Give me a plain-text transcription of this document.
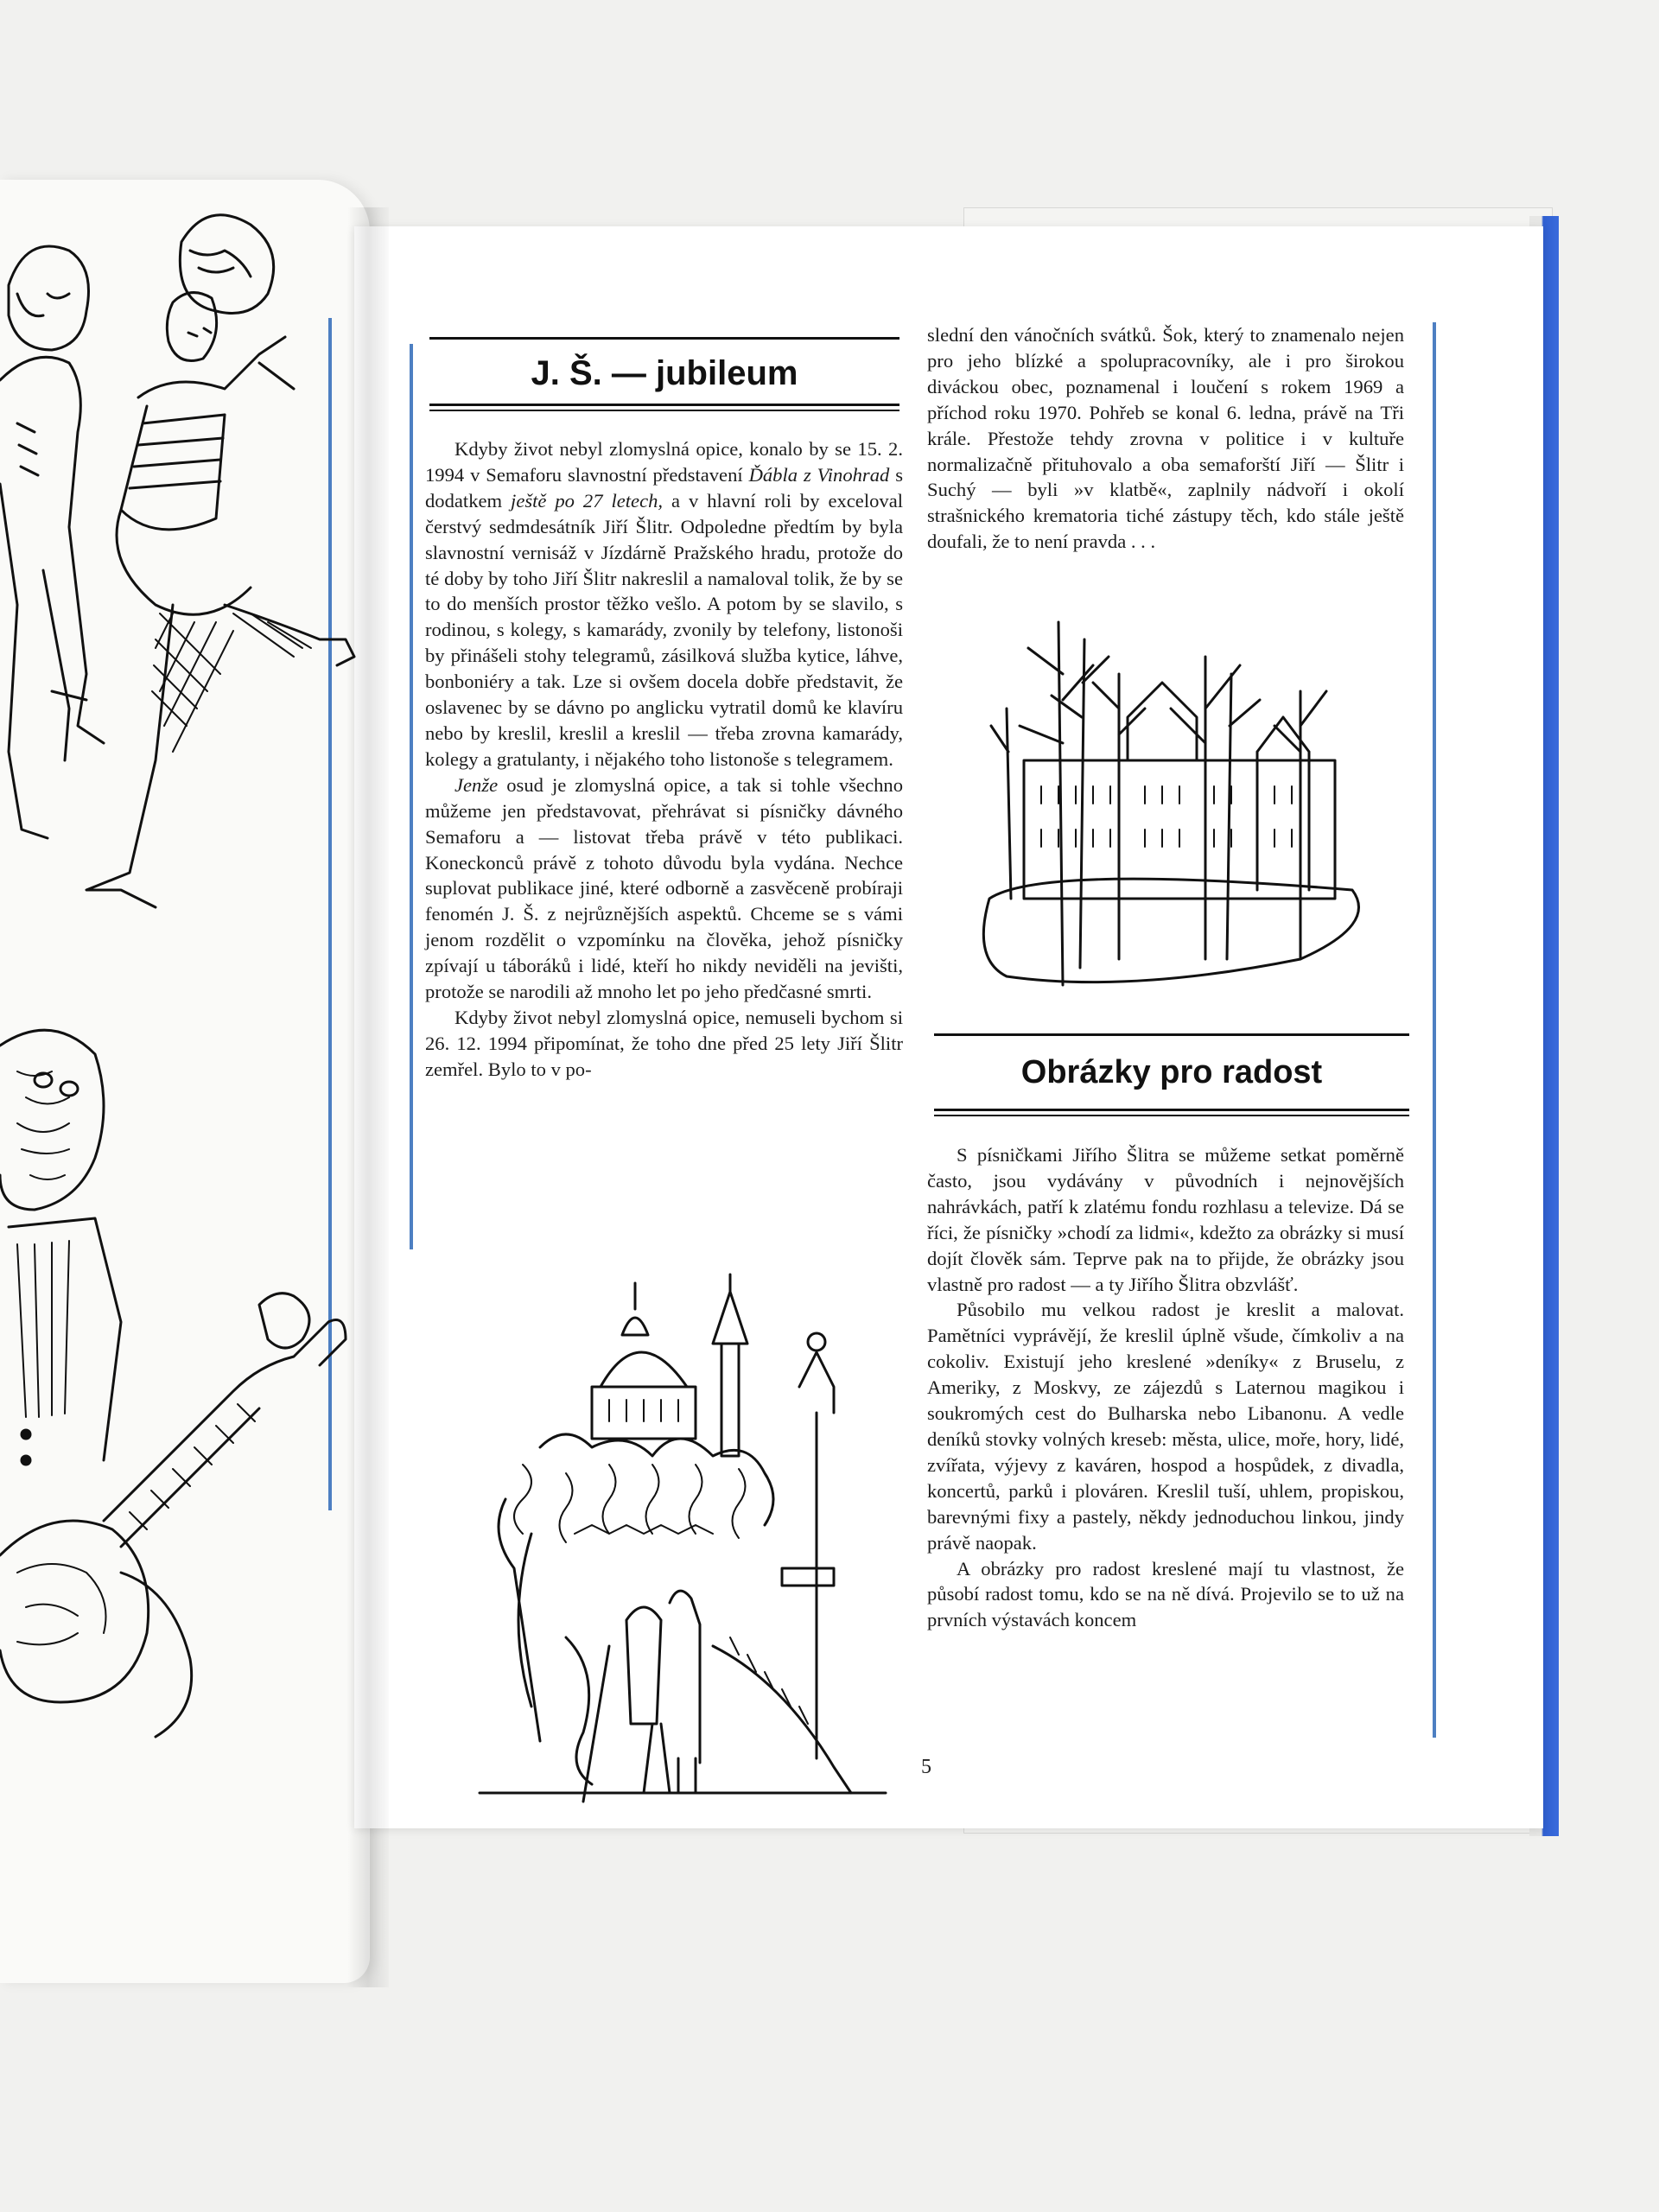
J. Š. — jubileum

Kdyby život nebyl zlomyslná opice, konalo by se 15. 2. 1994 v Semaforu slavnostní představení Ďábla z Vinohrad s dodatkem ještě po 27 letech, a v hlavní roli by exceloval čerstvý sedmdesátník Jiří Šlitr. Odpoledne předtím by byla slavnostní vernisáž v Jízdárně Pražského hradu, protože do té doby by toho Jiří Šlitr nakreslil a namaloval tolik, že by se to do menších prostor těžko vešlo. A potom by se slavilo, s rodinou, s kolegy, s kamarády, zvonily by telefony, listonoši by přinášeli stohy telegramů, zásilková služba kytice, láhve, bonboniéry a tak. Lze si ovšem docela dobře představit, že oslavenec by se dávno po anglicku vytratil domů ke klavíru nebo by kreslil, kreslil a kreslil — třeba zrovna kamarády, kolegy a gratulanty, i nějakého toho listonoše s telegramem.

Jenže osud je zlomyslná opice, a tak si tohle všechno můžeme jen představovat, přehrávat si písničky dávného Semaforu a — listovat třeba právě v této publikaci. Koneckonců právě z tohoto důvodu byla vydána. Nechce suplovat publikace jiné, které odborně a zasvěceně probíraji fenomén J. Š. z nejrůznějších aspektů. Chceme se s vámi jenom rozdělit o vzpomínku na člověka, jehož písničky zpívají u táboráků i lidé, kteří ho nikdy neviděli na jevišti, protože se narodili až mnoho let po jeho předčasné smrti.

Kdyby život nebyl zlomyslná opice, nemuseli bychom si 26. 12. 1994 připomínat, že toho dne před 25 lety Jiří Šlitr zemřel. Bylo to v po-

slední den vánočních svátků. Šok, který to znamenalo nejen pro jeho blízké a spolupracovníky, ale i pro širokou diváckou obec, poznamenal i loučení s rokem 1969 a příchod roku 1970. Pohřeb se konal 6. ledna, právě na Tři krále. Přestože tehdy zrovna v politice i v kultuře normalizačně přituhovalo a oba semaforští Jiří — Šlitr i Suchý — byli »v klatbě«, zaplnily nádvoří i okolí strašnického krematoria tiché zástupy těch, kdo stále ještě doufali, že to není pravda . . .

Obrázky pro radost

S písničkami Jiřího Šlitra se můžeme setkat poměrně často, jsou vydávány v původních i nejnovějších nahrávkách, patří k zlatému fondu rozhlasu a televize. Dá se říci, že písničky »chodí za lidmi«, kdežto za obrázky si musí dojít člověk sám. Teprve pak na to přijde, že obrázky jsou vlastně pro radost — a ty Jiřího Šlitra obzvlášť.

Působilo mu velkou radost je kreslit a malovat. Pamětníci vyprávějí, že kreslil úplně všude, čímkoliv a na cokoliv. Existují jeho kreslené »deníky« z Bruselu, z Ameriky, z Moskvy, ze zájezdů s Laternou magikou i soukromých cest do Bulharska nebo Libanonu. A vedle deníků stovky volných kreseb: města, ulice, moře, hory, lidé, zvířata, výjevy z kaváren, hospod a hospůdek, z divadla, koncertů, parků i plováren. Kreslil tuší, uhlem, propiskou, barevnými fixy a pastely, někdy jednoduchou linkou, jindy právě naopak.

A obrázky pro radost kreslené mají tu vlastnost, že působí radost tomu, kdo se na ně dívá. Projevilo se to už na prvních výstavách koncem

5
